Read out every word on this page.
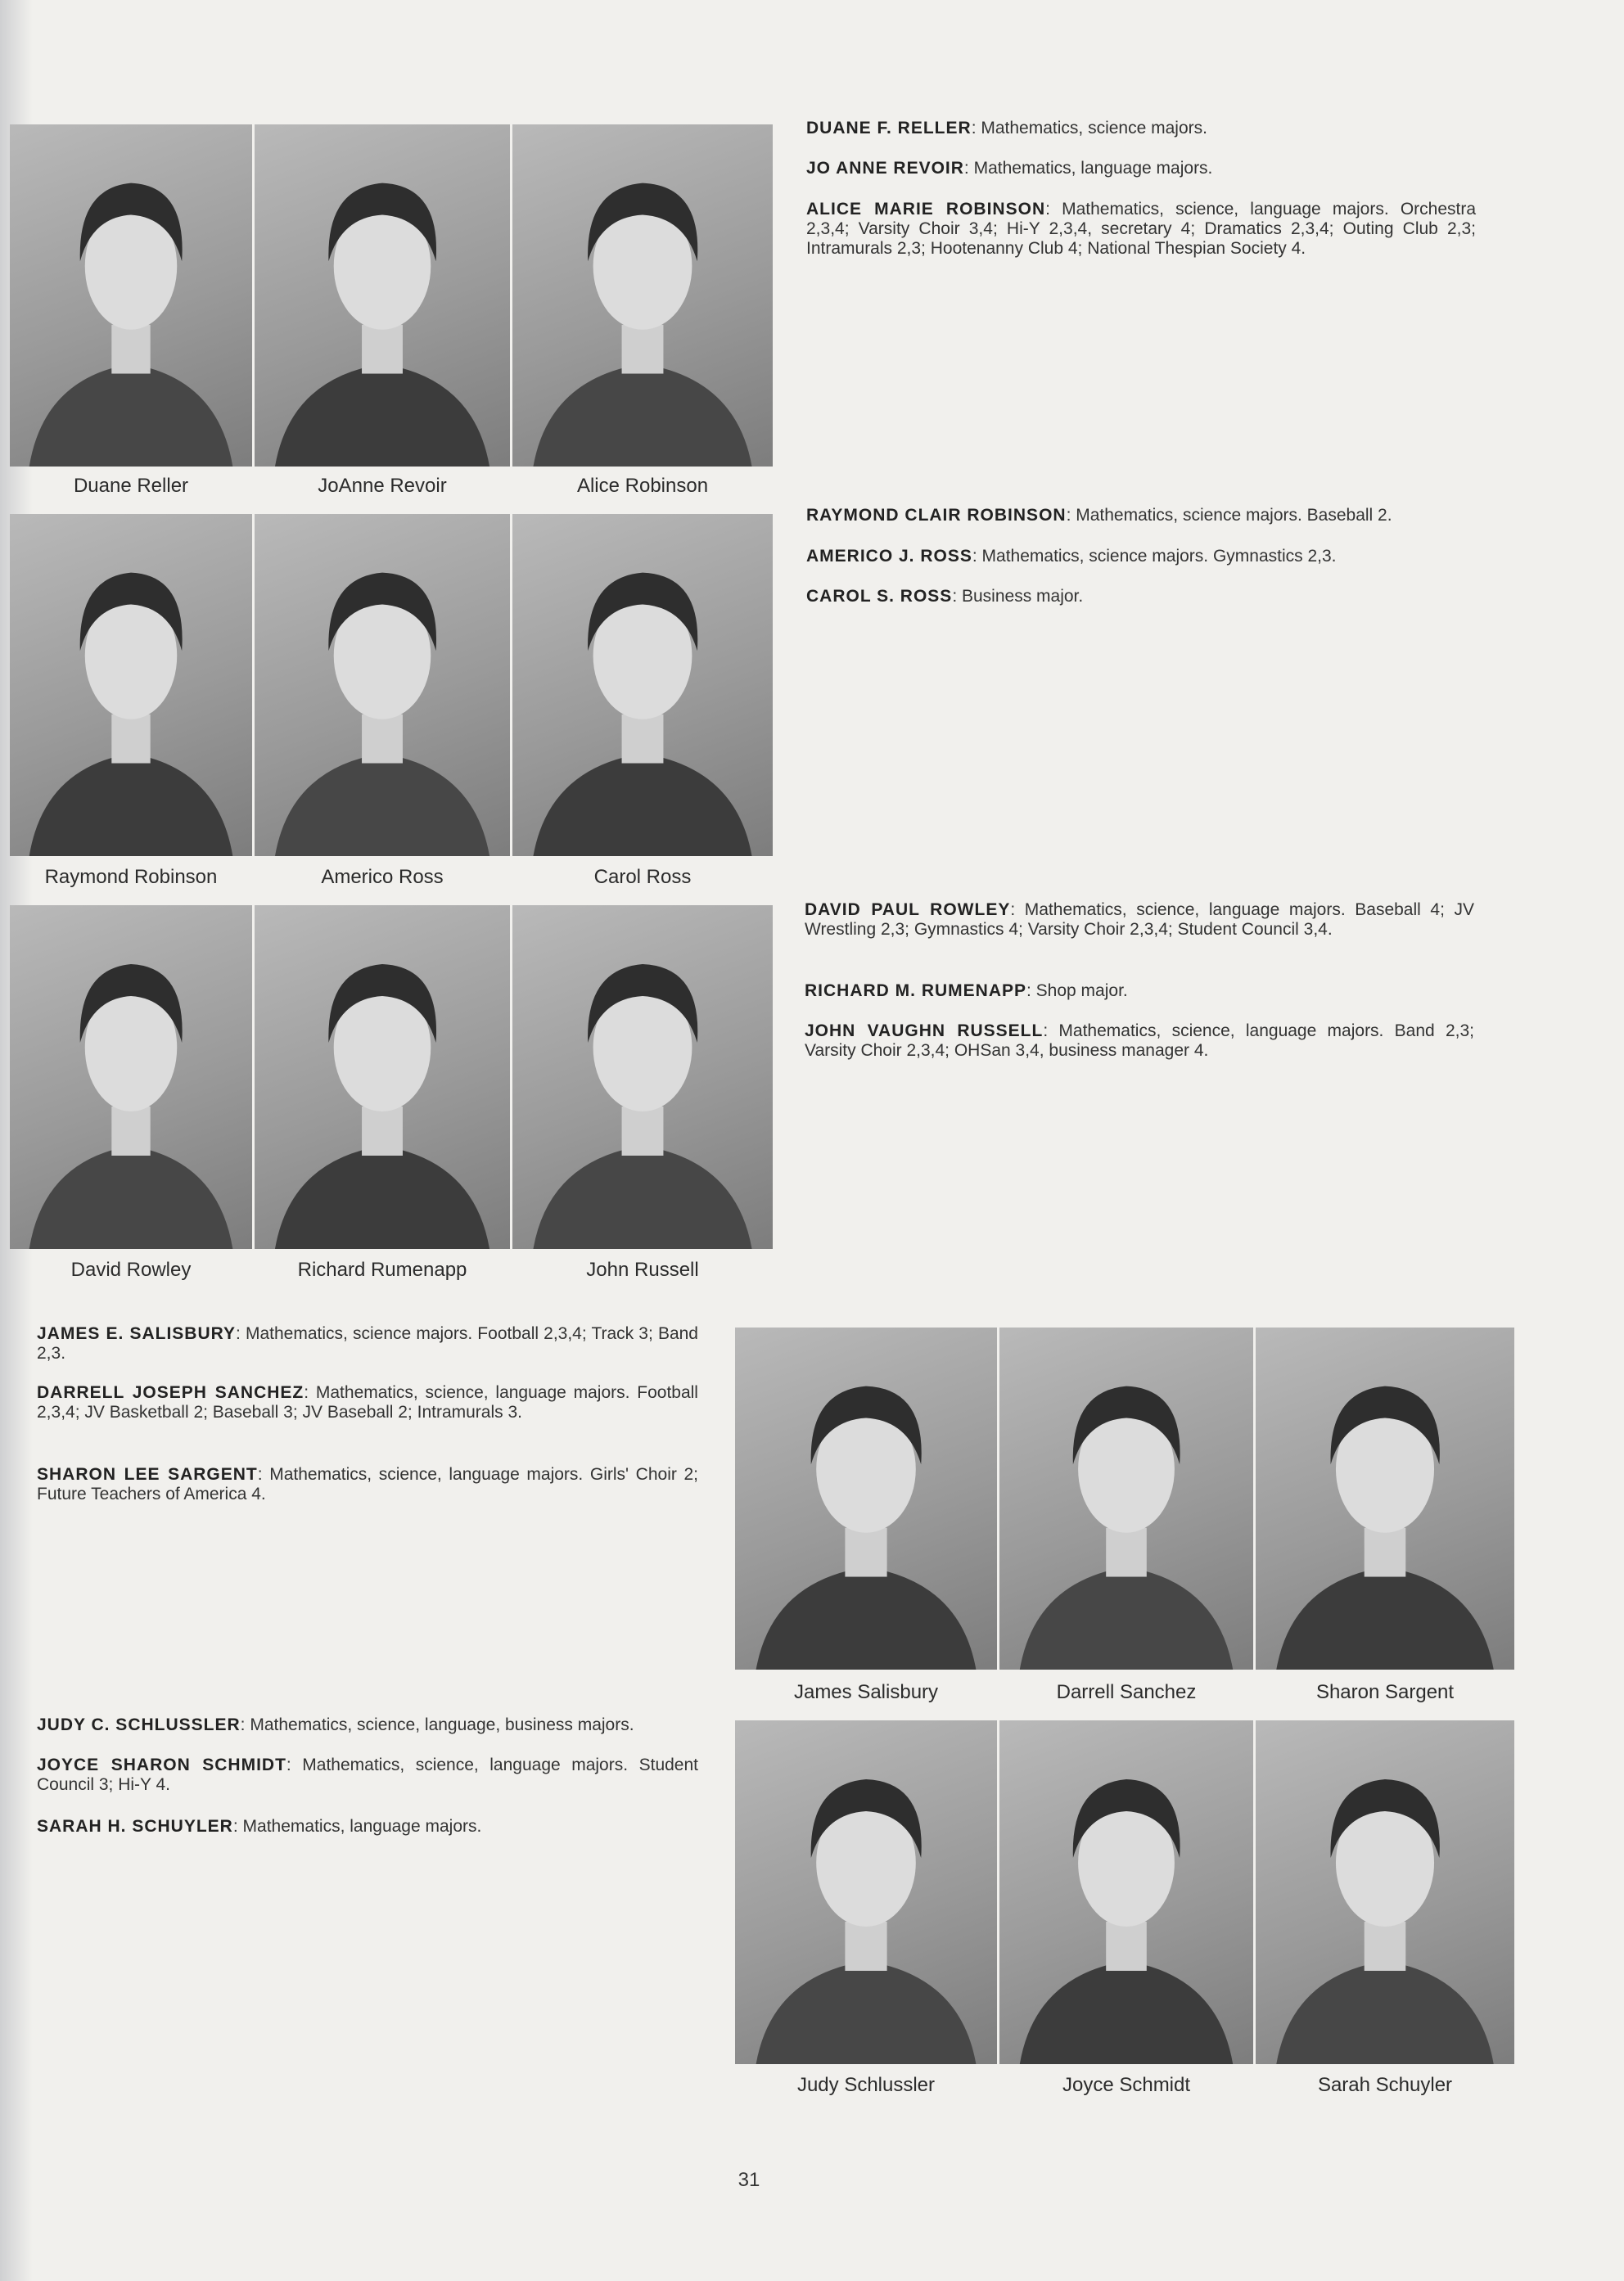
Duane Reller	JoAnne Revoir	Alice Robinson
Raymond Robinson	Americo Ross	Carol Ross
David Rowley	Richard Rumenapp	John Russell
DUANE F. RELLER: Mathematics, science majors.
JO ANNE REVOIR: Mathematics, language majors.
ALICE MARIE ROBINSON: Mathematics, science, language majors. Orchestra 2,3,4; Varsity Choir 3,4; Hi-Y 2,3,4, secretary 4; Dramatics 2,3,4; Outing Club 2,3; Intramurals 2,3; Hootenanny Club 4; National Thespian Society 4.
RAYMOND CLAIR ROBINSON: Mathematics, science majors. Baseball 2.
AMERICO J. ROSS: Mathematics, science majors. Gymnastics 2,3.
CAROL S. ROSS: Business major.
DAVID PAUL ROWLEY: Mathematics, science, language majors. Baseball 4; JV Wrestling 2,3; Gymnastics 4; Varsity Choir 2,3,4; Student Council 3,4.
RICHARD M. RUMENAPP: Shop major.
JOHN VAUGHN RUSSELL: Mathematics, science, language majors. Band 2,3; Varsity Choir 2,3,4; OHSan 3,4, business manager 4.
JAMES E. SALISBURY: Mathematics, science majors. Football 2,3,4; Track 3; Band 2,3.
DARRELL JOSEPH SANCHEZ: Mathematics, science, language majors. Football 2,3,4; JV Basketball 2; Baseball 3; JV Baseball 2; Intramurals 3.
SHARON LEE SARGENT: Mathematics, science, language majors. Girls' Choir 2; Future Teachers of America 4.
JUDY C. SCHLUSSLER: Mathematics, science, language, business majors.
JOYCE SHARON SCHMIDT: Mathematics, science, language majors. Student Council 3; Hi-Y 4.
SARAH H. SCHUYLER: Mathematics, language majors.
James Salisbury	Darrell Sanchez	Sharon Sargent
Judy Schlussler	Joyce Schmidt	Sarah Schuyler
31
